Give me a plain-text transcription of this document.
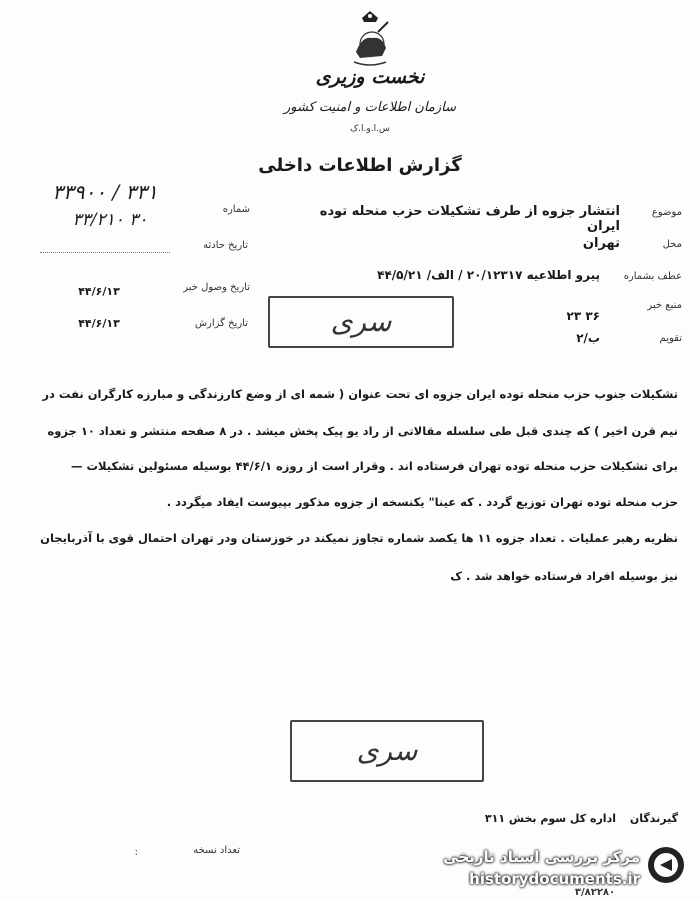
نخست وزیری
سازمان اطلاعات و امنیت کشور
س.ا.و.ا.ک
گزارش اطلاعات داخلی
موضوع
انتشار جزوه از طرف تشکیلات حزب منحله توده ایران
محل
تهران
عطف بشماره
پیرو اطلاعیه ۲۰/۱۲۳۱۷ / الف/ ۴۴/۵/۲۱
منبع خبر
۳۶ ۲۳
تقویم
ب/۲
شماره
۳۳۹۰۰ / ۳۳۱
۳۳/۲۱۰ ۳۰
تاریخ حادثه
تاریخ وصول خبر
۴۴/۶/۱۳
تاریخ گزارش
۴۴/۶/۱۳	سری
تشکیلات جنوب حزب منحله توده ایران جزوه ای تحت عنوان ( شمه ای از وضع کارزندگی و مبارزه کارگران نفت در
نیم قرن اخیر ) که چندی قبل طی سلسله مقالاتی از راد یو پیک پخش میشد . در ۸ صفحه منتشر و تعداد ۱۰ جزوه
برای تشکیلات حزب منحله توده تهران فرستاده اند . وقرار است از روزه ۴۴/۶/۱ بوسیله مسئولین تشکیلات —
حزب منحله توده تهران توزیع گردد . که عینا" یکنسخه از جزوه مذکور بپیوست ایفاد میگردد .
نظریه رهبر عملیات . تعداد جزوه ۱۱ ها یکصد شماره تجاوز نمیکند در خوزستان ودر تهران احتمال قوی با آذربایجان
نیز بوسیله افراد فرستاده خواهد شد . ک
سری
گیرندگان
اداره کل سوم بخش ۳۱۱
تعداد نسخه
:	مرکز بررسی اسناد تاریخی
historydocuments.ir
۳/۸۲۲۸۰
